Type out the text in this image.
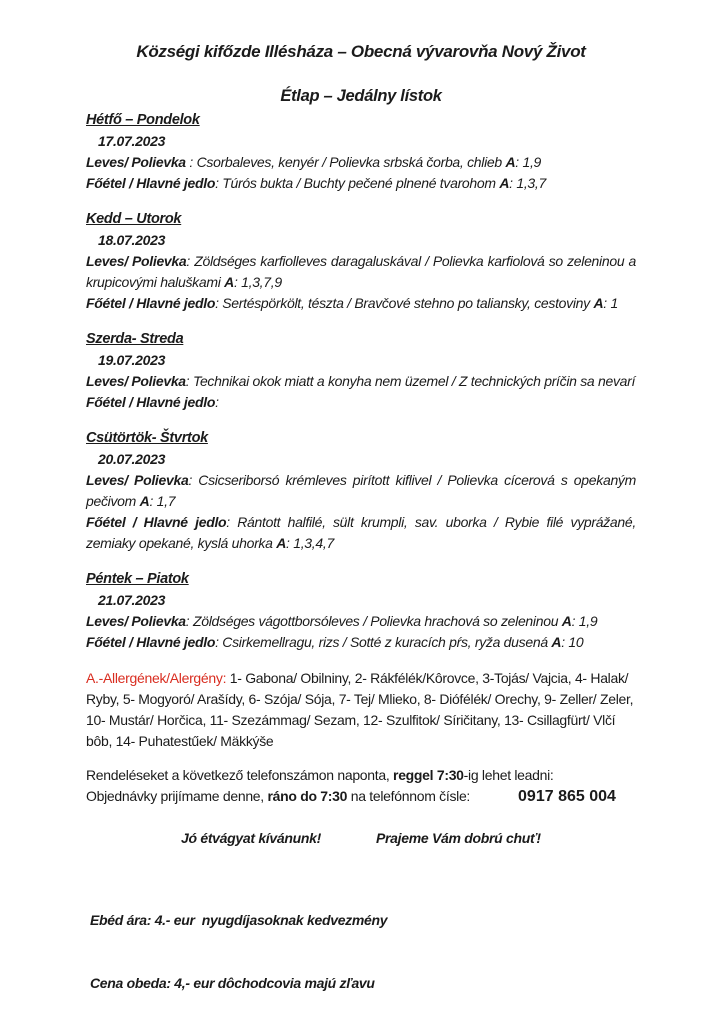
Községi kifőzde Illésháza – Obecná vývarovňa Nový Život
Étlap – Jedálny lístok
Hétfő – Pondelok

17.07.2023

Leves/ Polievka : Csorbaleves, kenyér / Polievka srbská čorba, chlieb A: 1,9

Főétel / Hlavné jedlo: Túrós bukta / Buchty pečené plnené tvarohom A: 1,3,7

Kedd – Utorok

18.07.2023

Leves/ Polievka: Zöldséges karfiolleves daragaluskával / Polievka karfiolová so zeleninou a krupicovými haluškami A: 1,3,7,9

Főétel / Hlavné jedlo: Sertéspörkölt, tészta / Bravčové stehno po taliansky, cestoviny A: 1

Szerda- Streda

19.07.2023

Leves/ Polievka: Technikai okok miatt a konyha nem üzemel / Z technických príčin sa nevarí

Főétel / Hlavné jedlo:

Csütörtök- Štvrtok

20.07.2023

Leves/ Polievka: Csicseriborsó krémleves pirított kiflivel / Polievka cícerová s opekaným pečivom A: 1,7

Főétel / Hlavné jedlo: Rántott halfilé, sült krumpli, sav. uborka / Rybie filé vyprážané, zemiaky opekané, kyslá uhorka A: 1,3,4,7

Péntek – Piatok

21.07.2023

Leves/ Polievka: Zöldséges vágottborsóleves / Polievka hrachová so zeleninou A: 1,9

Főétel / Hlavné jedlo: Csirkemellragu, rizs / Sotté z kuracích pŕs, ryža dusená A: 10

A.-Allergének/Alergény: 1- Gabona/ Obilniny, 2- Rákfélék/Kôrovce, 3-Tojás/ Vajcia, 4- Halak/ Ryby, 5- Mogyoró/ Arašídy, 6- Szója/ Sója, 7- Tej/ Mlieko, 8- Diófélék/ Orechy, 9- Zeller/ Zeler, 10- Mustár/ Horčica, 11- Szezámmag/ Sezam, 12- Szulfitok/ Síričitany, 13- Csillagfürt/ Vlčí bôb, 14- Puhatestűek/ Mäkkýše

Rendeléseket a következő telefonszámon naponta, reggel 7:30-ig lehet leadni:

Objednávky prijímame denne, ráno do 7:30 na telefónnom čísle:	0917 865 004

Jó étvágyat kívánunk!	Prajeme Vám dobrú chuť!

Ebéd ára: 4.- eur  nyugdíjasoknak kedvezmény

Cena obeda: 4,- eur dôchodcovia majú zľavu
